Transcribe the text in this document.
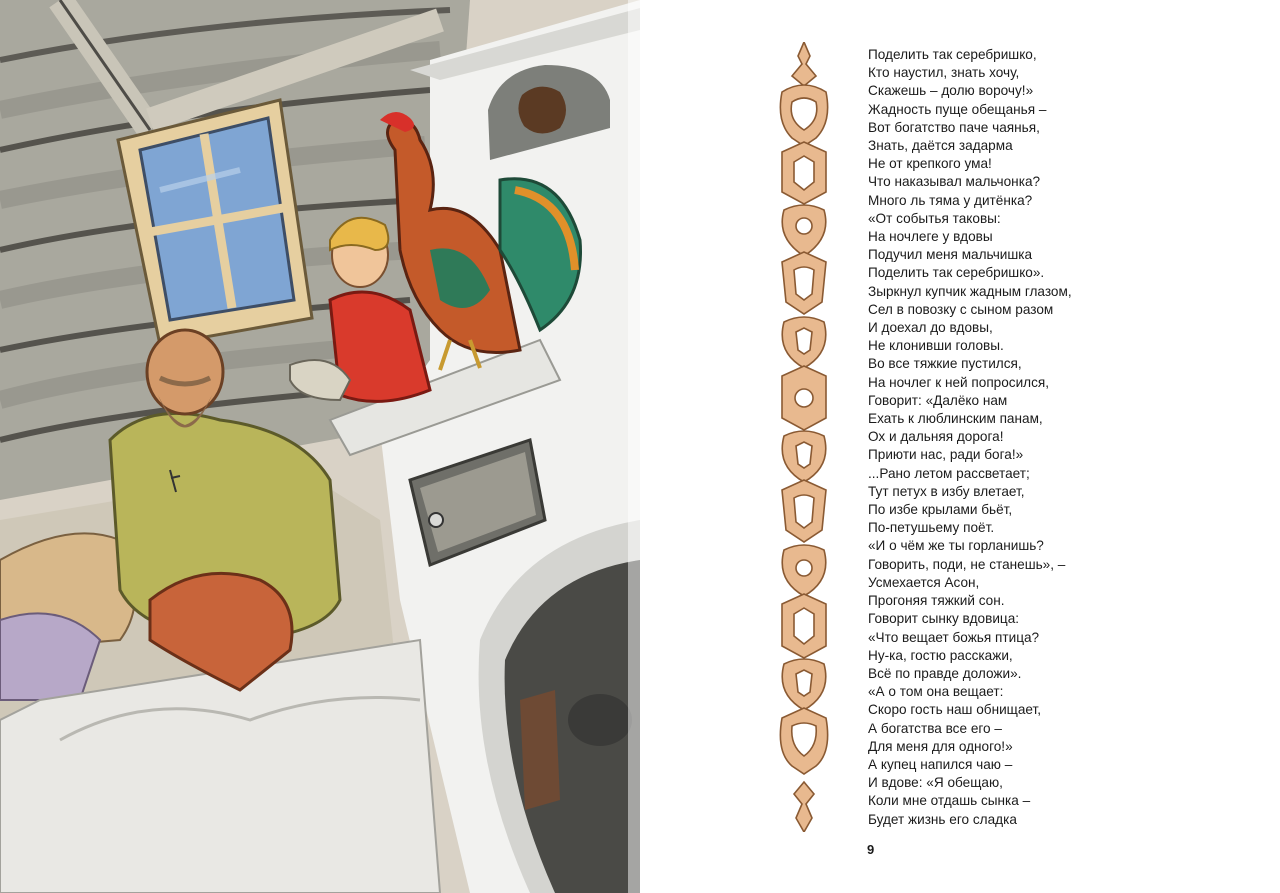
Поделить так серебришко,
Кто наустил, знать хочу,
Скажешь – долю ворочу!»
Жадность пуще обещанья –
Вот богатство паче чаянья,
Знать, даётся задарма
Не от крепкого ума!
Что наказывал мальчонка?
Много ль тяма у дитёнка?
«От событья таковы:
На ночлеге у вдовы
Подучил меня мальчишка
Поделить так серебришко».
Зыркнул купчик жадным глазом,
Сел в повозку с сыном разом
И доехал до вдовы,
Не клонивши головы.
Во все тяжкие пустился,
На ночлег к ней попросился,
Говорит: «Далёко нам
Ехать к люблинским панам,
Ох и дальняя дорога!
Приюти нас, ради бога!»
...Рано летом рассветает;
Тут петух в избу влетает,
По избе крылами бьёт,
По-петушьему поёт.
«И о чём же ты горланишь?
Говорить, поди, не станешь», –
Усмехается Асон,
Прогоняя тяжкий сон.
Говорит сынку вдовица:
«Что вещает божья птица?
Ну-ка, гостю расскажи,
Всё по правде доложи».
«А о том она вещает:
Скоро гость наш обнищает,
А богатства все его –
Для меня для одного!»
А купец напился чаю –
И вдове: «Я обещаю,
Коли мне отдашь сынка –
Будет жизнь его сладка
9
